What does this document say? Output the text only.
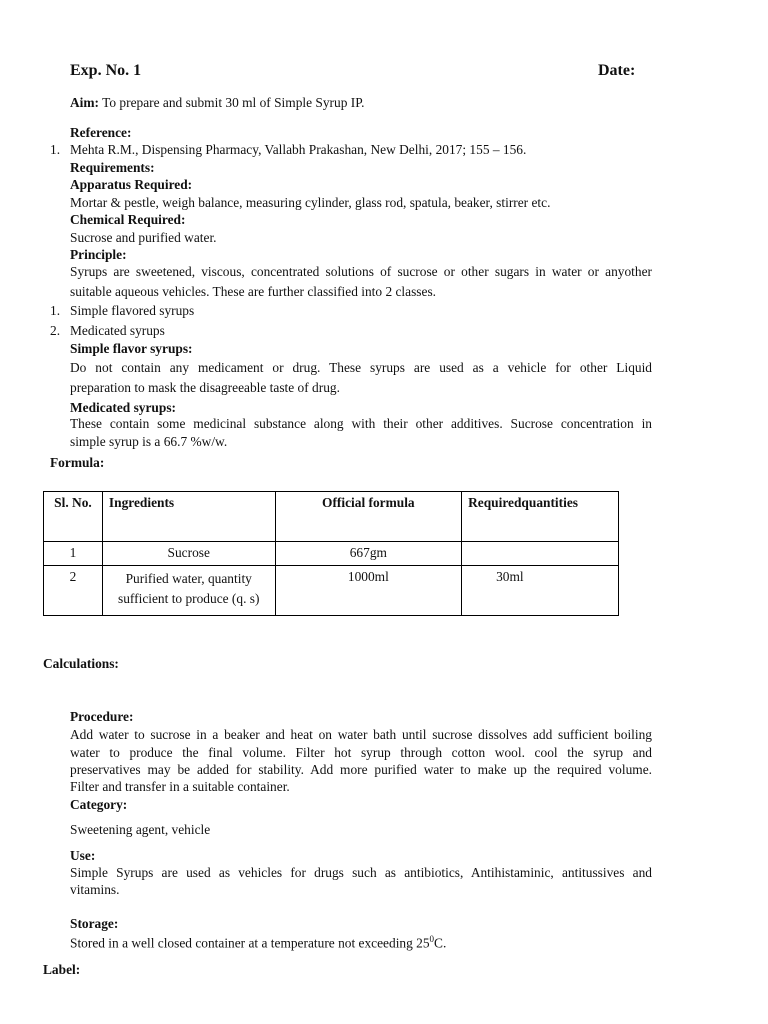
Exp. No. 1	Date:
Aim: To prepare and submit 30 ml of Simple Syrup IP.
Reference:
1. Mehta R.M., Dispensing Pharmacy, Vallabh Prakashan, New Delhi, 2017; 155 – 156.
Requirements:
Apparatus Required:
Mortar & pestle, weigh balance, measuring cylinder, glass rod, spatula, beaker, stirrer etc.
Chemical Required:
Sucrose and purified water.
Principle:
Syrups are sweetened, viscous, concentrated solutions of sucrose or other sugars in water or anyother
suitable aqueous vehicles. These are further classified into 2 classes.
1. Simple flavored syrups
2. Medicated syrups
Simple flavor syrups:
Do not contain any medicament or drug. These syrups are used as a vehicle for other Liquid
preparation to mask the disagreeable taste of drug.
Medicated syrups:
These contain some medicinal substance along with their other additives. Sucrose concentration in
simple syrup is a 66.7 %w/w.
Formula:
Sl. No.	Ingredients	Official formula	Requiredquantities
1	Sucrose	667gm	
2	Purified water, quantity
sufficient to produce (q. s)	1000ml	30ml
Calculations:
Procedure:
Add water to sucrose in a beaker and heat on water bath until sucrose dissolves add sufficient boiling
water to produce the final volume. Filter hot syrup through cotton wool. cool the syrup and
preservatives may be added for stability. Add more purified water to make up the required volume.
Filter and transfer in a suitable container.
Category:
Sweetening agent, vehicle
Use:
Simple Syrups are used as vehicles for drugs such as antibiotics, Antihistaminic, antitussives and
vitamins.
Storage:
Stored in a well closed container at a temperature not exceeding $25^0C$.
Label:
